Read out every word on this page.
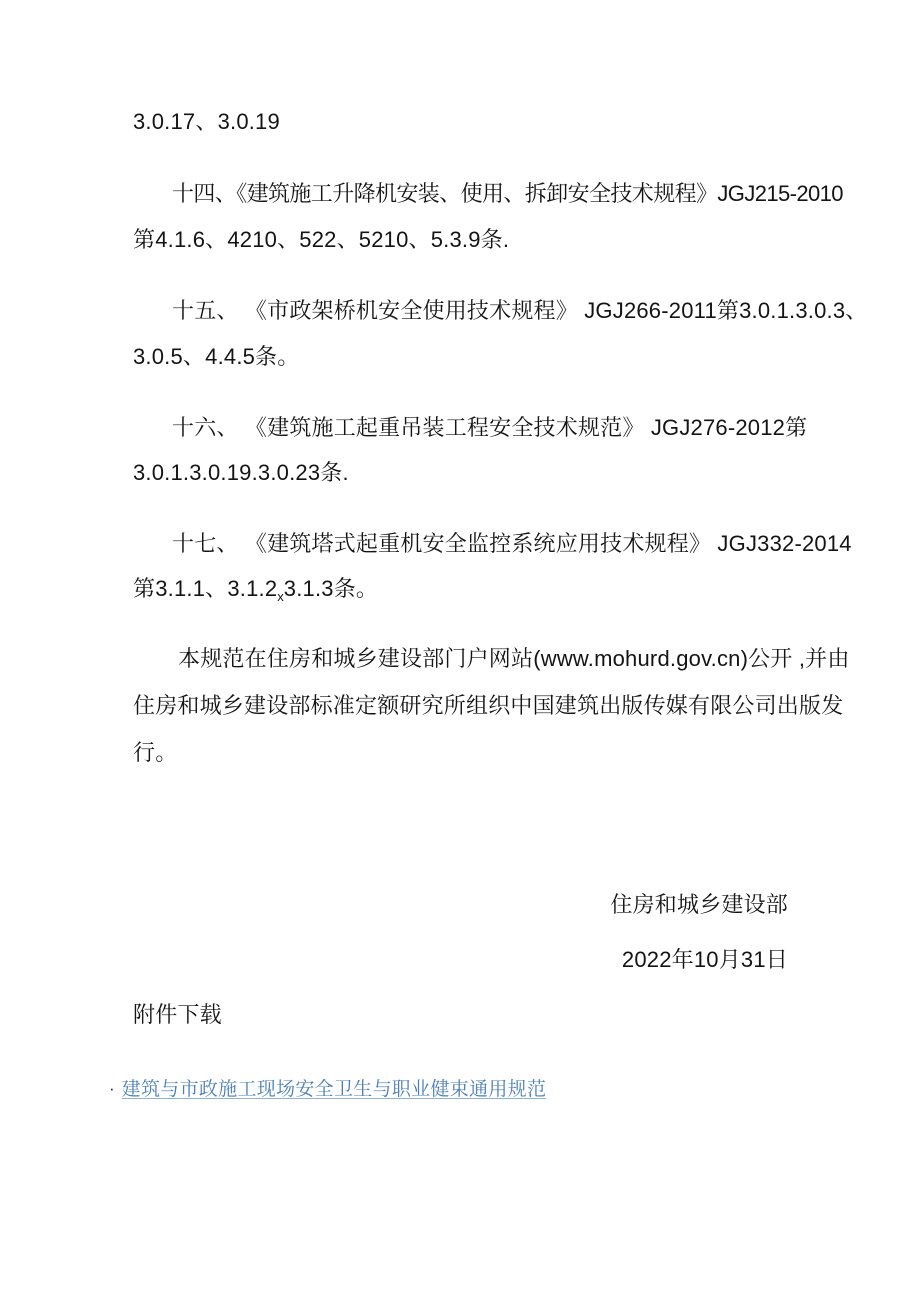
3.0.17、3.0.19
十四、《建筑施工升降机安装、使用、拆卸安全技术规程》JGJ215-2010
第4.1.6、4210、522、5210、5.3.9条.
十五、 《市政架桥机安全使用技术规程》 JGJ266-2011第3.0.1.3.0.3、
3.0.5、4.4.5条。
十六、 《建筑施工起重吊装工程安全技术规范》 JGJ276-2012第
3.0.1.3.0.19.3.0.23条.
十七、 《建筑塔式起重机安全监控系统应用技术规程》 JGJ332-2014
第3.1.1、$3.1.2_x3.1.3$条。
本规范在住房和城乡建设部门户网站(www.mohurd.gov.cn)公开 ,并由
住房和城乡建设部标准定额研究所组织中国建筑出版传媒有限公司出版发
行。
住房和城乡建设部
2022年10月31日
附件下载
· 建筑与市政施工现场安全卫生与职业健束通用规范
